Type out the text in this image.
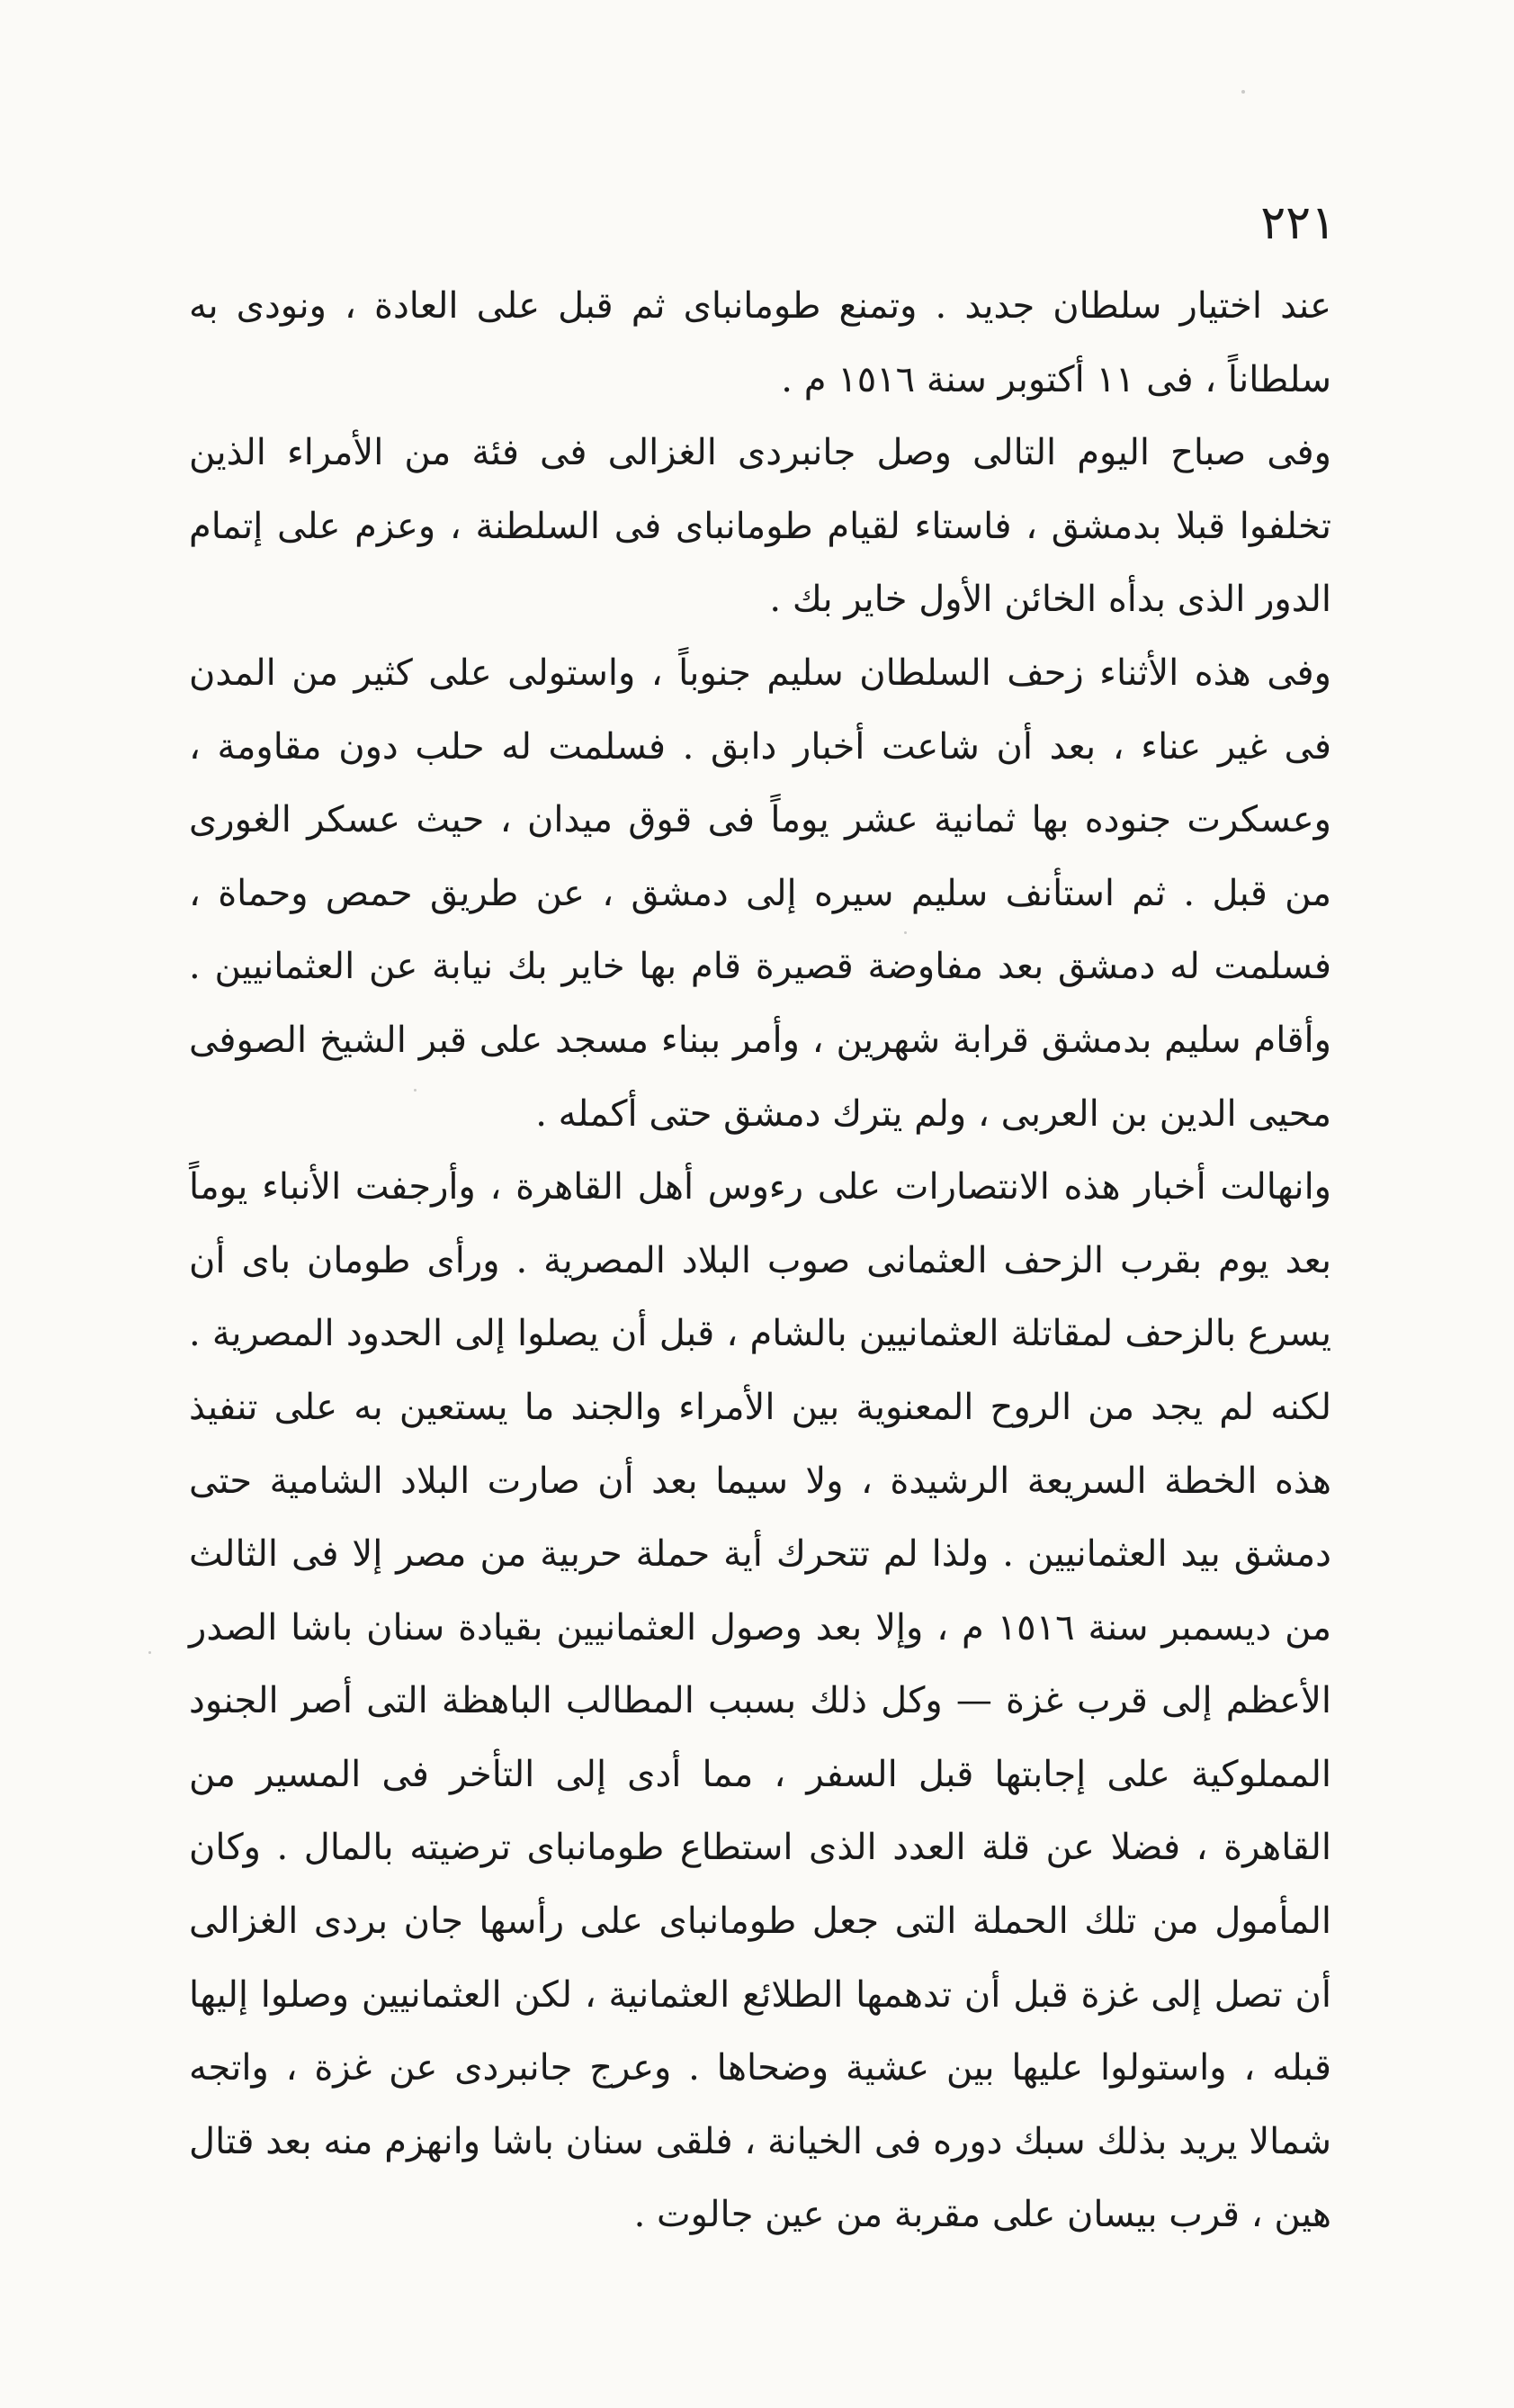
٢٢١

عند اختيار سلطان جديد . وتمنع طومانباى ثم قبل على العادة ، ونودى به سلطاناً ، فى ١١ أكتوبر سنة ١٥١٦ م .

وفى صباح اليوم التالى وصل جانبردى الغزالى فى فئة من الأمراء الذين تخلفوا قبلا بدمشق ، فاستاء لقيام طومانباى فى السلطنة ، وعزم على إتمام الدور الذى بدأه الخائن الأول خاير بك .

وفى هذه الأثناء زحف السلطان سليم جنوباً ، واستولى على كثير من المدن فى غير عناء ، بعد أن شاعت أخبار دابق . فسلمت له حلب دون مقاومة ، وعسكرت جنوده بها ثمانية عشر يوماً فى قوق ميدان ، حيث عسكر الغورى من قبل . ثم استأنف سليم سيره إلى دمشق ، عن طريق حمص وحماة ، فسلمت له دمشق بعد مفاوضة قصيرة قام بها خاير بك نيابة عن العثمانيين . وأقام سليم بدمشق قرابة شهرين ، وأمر ببناء مسجد على قبر الشيخ الصوفى محيى الدين بن العربى ، ولم يترك دمشق حتى أكمله .

وانهالت أخبار هذه الانتصارات على رءوس أهل القاهرة ، وأرجفت الأنباء يوماً بعد يوم بقرب الزحف العثمانى صوب البلاد المصرية . ورأى طومان باى أن يسرع بالزحف لمقاتلة العثمانيين بالشام ، قبل أن يصلوا إلى الحدود المصرية . لكنه لم يجد من الروح المعنوية بين الأمراء والجند ما يستعين به على تنفيذ هذه الخطة السريعة الرشيدة ، ولا سيما بعد أن صارت البلاد الشامية حتى دمشق بيد العثمانيين . ولذا لم تتحرك أية حملة حربية من مصر إلا فى الثالث من ديسمبر سنة ١٥١٦ م ، وإلا بعد وصول العثمانيين بقيادة سنان باشا الصدر الأعظم إلى قرب غزة — وكل ذلك بسبب المطالب الباهظة التى أصر الجنود المملوكية على إجابتها قبل السفر ، مما أدى إلى التأخر فى المسير من القاهرة ، فضلا عن قلة العدد الذى استطاع طومانباى ترضيته بالمال . وكان المأمول من تلك الحملة التى جعل طومانباى على رأسها جان بردى الغزالى أن تصل إلى غزة قبل أن تدهمها الطلائع العثمانية ، لكن العثمانيين وصلوا إليها قبله ، واستولوا عليها بين عشية وضحاها . وعرج جانبردى عن غزة ، واتجه شمالا يريد بذلك سبك دوره فى الخيانة ، فلقى سنان باشا وانهزم منه بعد قتال هين ، قرب بيسان على مقربة من عين جالوت .
